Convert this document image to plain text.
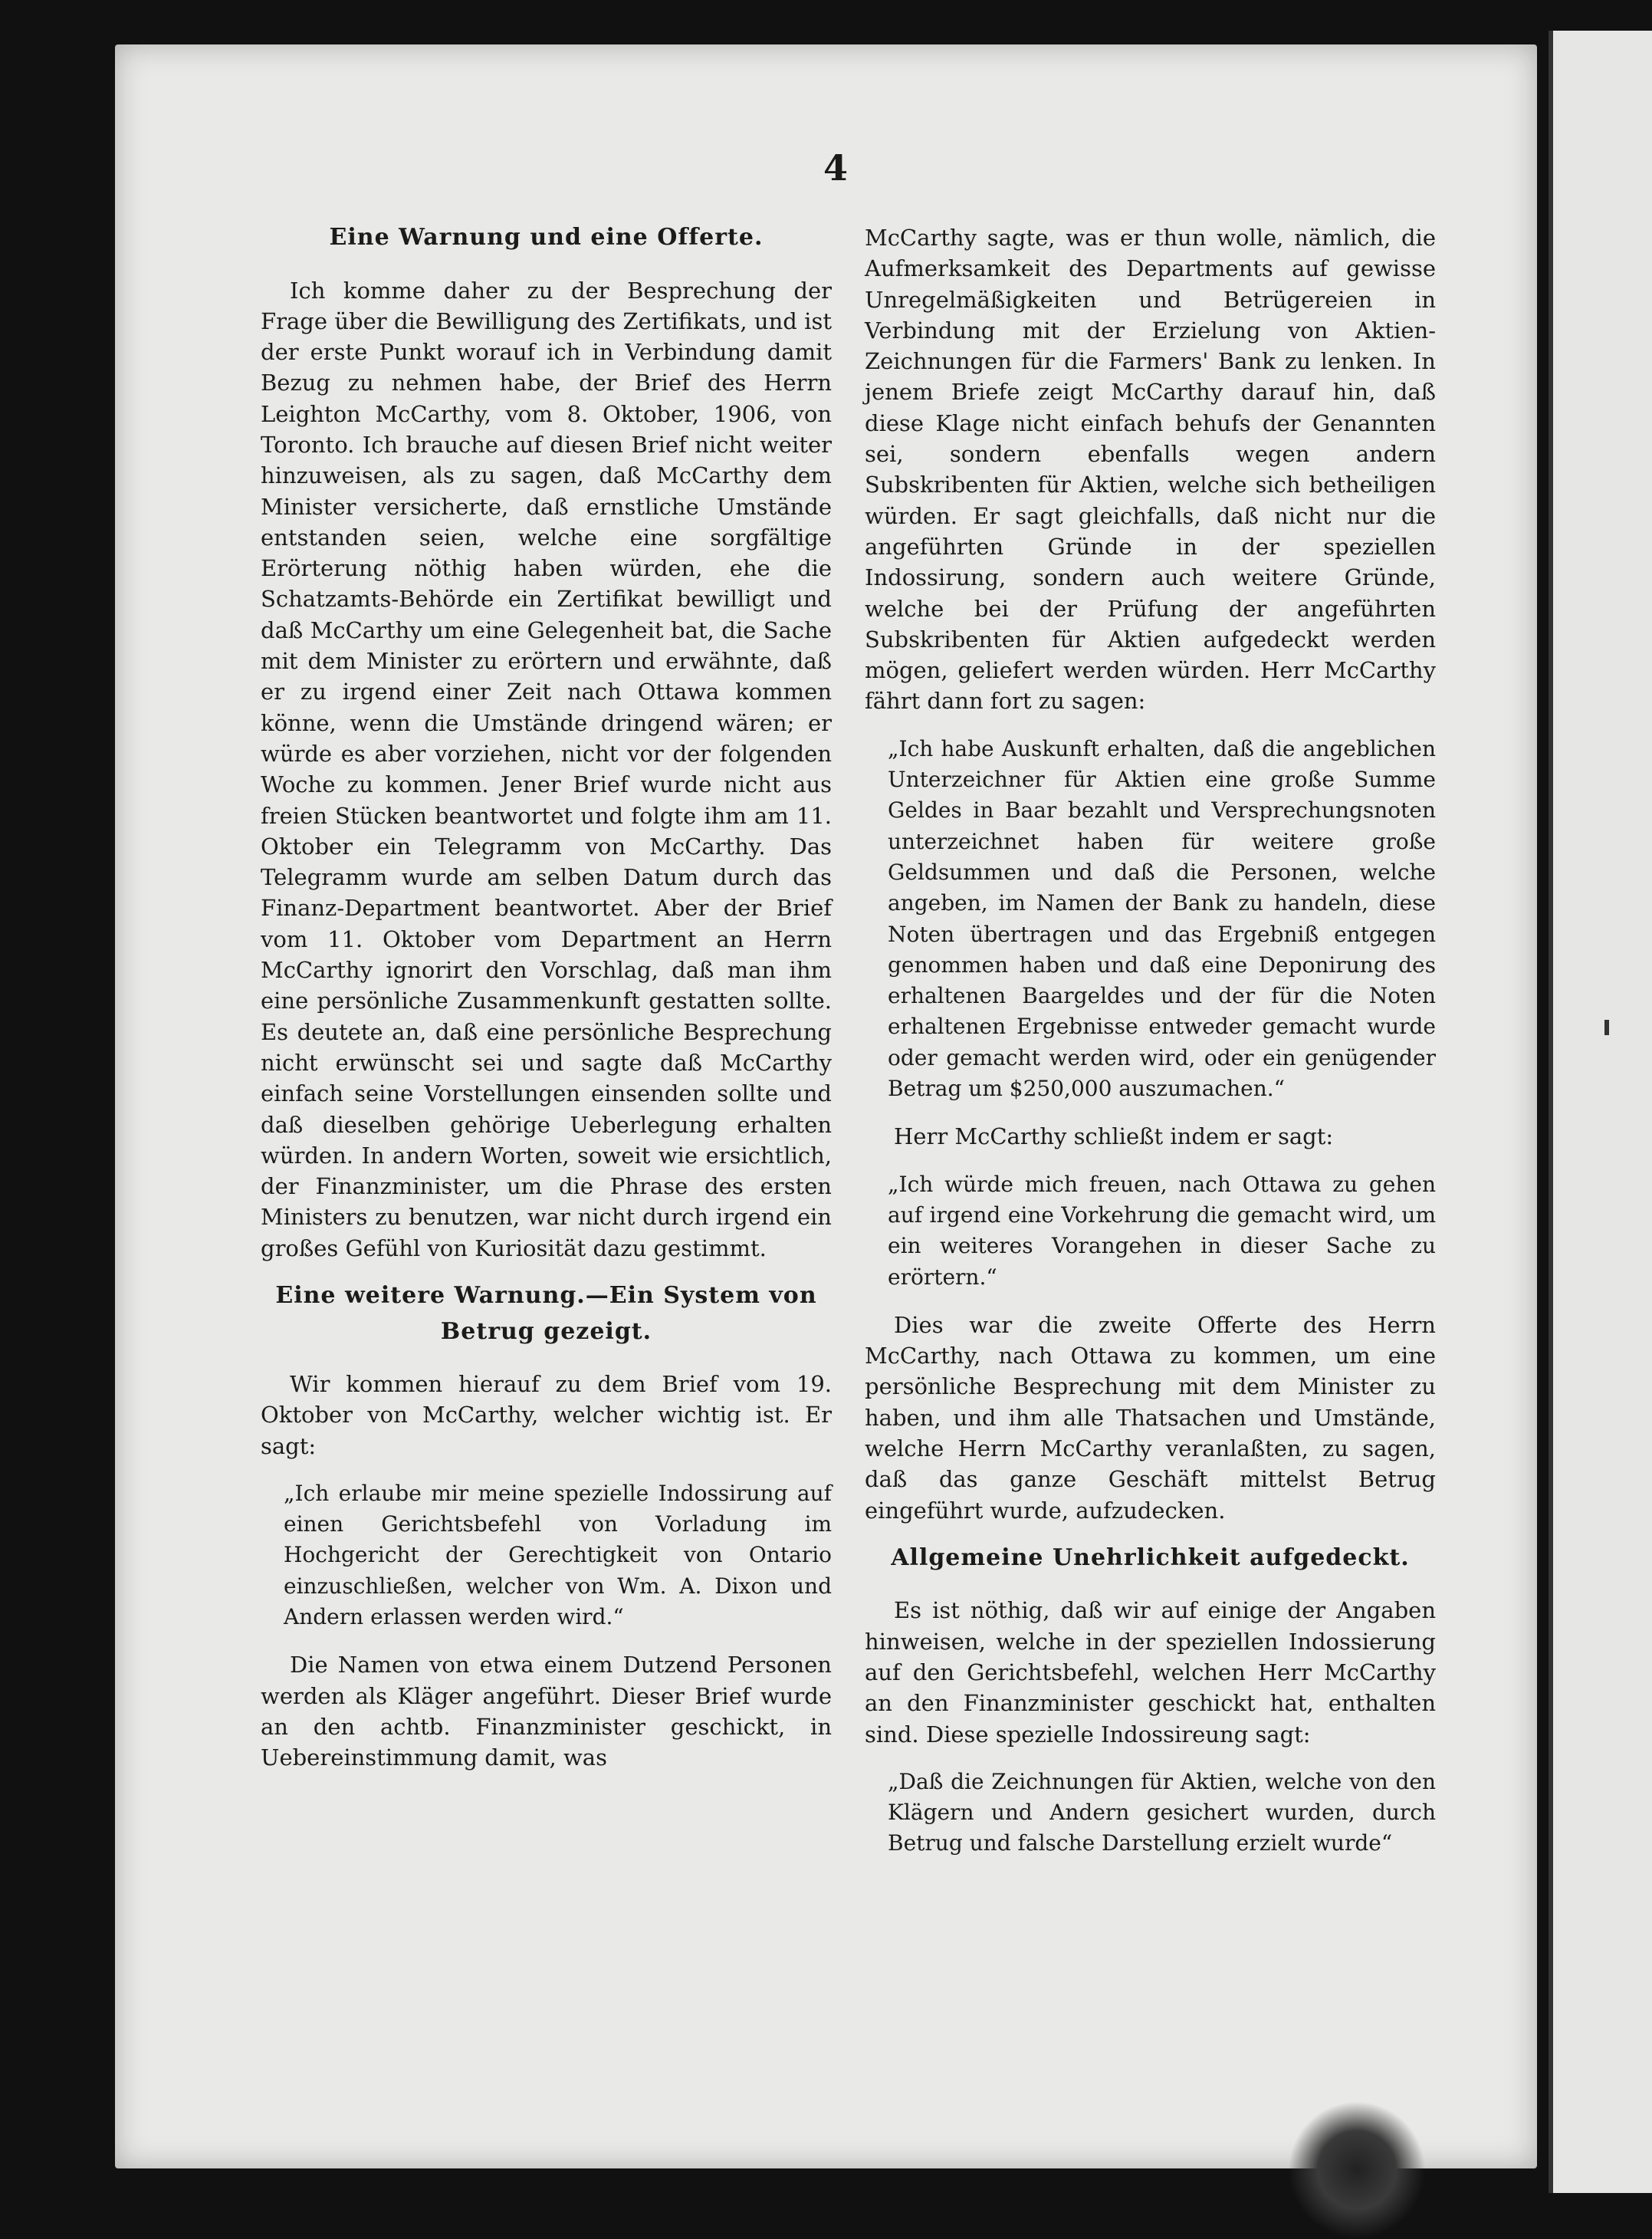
4
Eine Warnung und eine Offerte.

Ich komme daher zu der Besprechung der Frage über die Bewilligung des Zertifikats, und ist der erste Punkt worauf ich in Verbindung damit Bezug zu nehmen habe, der Brief des Herrn Leighton McCarthy, vom 8. Oktober, 1906, von Toronto. Ich brauche auf diesen Brief nicht weiter hinzuweisen, als zu sagen, daß McCarthy dem Minister versicherte, daß ernstliche Umstände entstanden seien, welche eine sorgfältige Erörterung nöthig haben würden, ehe die Schatzamts-Behörde ein Zertifikat bewilligt und daß McCarthy um eine Gelegenheit bat, die Sache mit dem Minister zu erörtern und erwähnte, daß er zu irgend einer Zeit nach Ottawa kommen könne, wenn die Umstände dringend wären; er würde es aber vorziehen, nicht vor der folgenden Woche zu kommen. Jener Brief wurde nicht aus freien Stücken beantwortet und folgte ihm am 11. Oktober ein Telegramm von McCarthy. Das Telegramm wurde am selben Datum durch das Finanz-Department beantwortet. Aber der Brief vom 11. Oktober vom Department an Herrn McCarthy ignorirt den Vorschlag, daß man ihm eine persönliche Zusammenkunft gestatten sollte. Es deutete an, daß eine persönliche Besprechung nicht erwünscht sei und sagte daß McCarthy einfach seine Vorstellungen einsenden sollte und daß dieselben gehörige Ueberlegung erhalten würden. In andern Worten, soweit wie ersichtlich, der Finanzminister, um die Phrase des ersten Ministers zu benutzen, war nicht durch irgend ein großes Gefühl von Kuriosität dazu gestimmt.

Eine weitere Warnung.—Ein System von
Betrug gezeigt.

Wir kommen hierauf zu dem Brief vom 19. Oktober von McCarthy, welcher wichtig ist. Er sagt:

„Ich erlaube mir meine spezielle Indossirung auf einen Gerichtsbefehl von Vorladung im Hochgericht der Gerechtigkeit von Ontario einzuschließen, welcher von Wm. A. Dixon und Andern erlassen werden wird.“

Die Namen von etwa einem Dutzend Personen werden als Kläger angeführt. Dieser Brief wurde an den achtb. Finanzminister geschickt, in Uebereinstimmung damit, was

McCarthy sagte, was er thun wolle, nämlich, die Aufmerksamkeit des Departments auf gewisse Unregelmäßigkeiten und Betrügereien in Verbindung mit der Erzielung von Aktien-Zeichnungen für die Farmers' Bank zu lenken. In jenem Briefe zeigt McCarthy darauf hin, daß diese Klage nicht einfach behufs der Genannten sei, sondern ebenfalls wegen andern Subskribenten für Aktien, welche sich betheiligen würden. Er sagt gleichfalls, daß nicht nur die angeführten Gründe in der speziellen Indossirung, sondern auch weitere Gründe, welche bei der Prüfung der angeführten Subskribenten für Aktien aufgedeckt werden mögen, geliefert werden würden. Herr McCarthy fährt dann fort zu sagen:

„Ich habe Auskunft erhalten, daß die angeblichen Unterzeichner für Aktien eine große Summe Geldes in Baar bezahlt und Versprechungsnoten unterzeichnet haben für weitere große Geldsummen und daß die Personen, welche angeben, im Namen der Bank zu handeln, diese Noten übertragen und das Ergebniß entgegen genommen haben und daß eine Deponirung des erhaltenen Baargeldes und der für die Noten erhaltenen Ergebnisse entweder gemacht wurde oder gemacht werden wird, oder ein genügender Betrag um $250,000 auszumachen.“

Herr McCarthy schließt indem er sagt:

„Ich würde mich freuen, nach Ottawa zu gehen auf irgend eine Vorkehrung die gemacht wird, um ein weiteres Vorangehen in dieser Sache zu erörtern.“

Dies war die zweite Offerte des Herrn McCarthy, nach Ottawa zu kommen, um eine persönliche Besprechung mit dem Minister zu haben, und ihm alle Thatsachen und Umstände, welche Herrn McCarthy veranlaßten, zu sagen, daß das ganze Geschäft mittelst Betrug eingeführt wurde, aufzudecken.

Allgemeine Unehrlichkeit aufgedeckt.

Es ist nöthig, daß wir auf einige der Angaben hinweisen, welche in der speziellen Indossierung auf den Gerichtsbefehl, welchen Herr McCarthy an den Finanzminister geschickt hat, enthalten sind. Diese spezielle Indossireung sagt:

„Daß die Zeichnungen für Aktien, welche von den Klägern und Andern gesichert wurden, durch Betrug und falsche Darstellung erzielt wurde“
